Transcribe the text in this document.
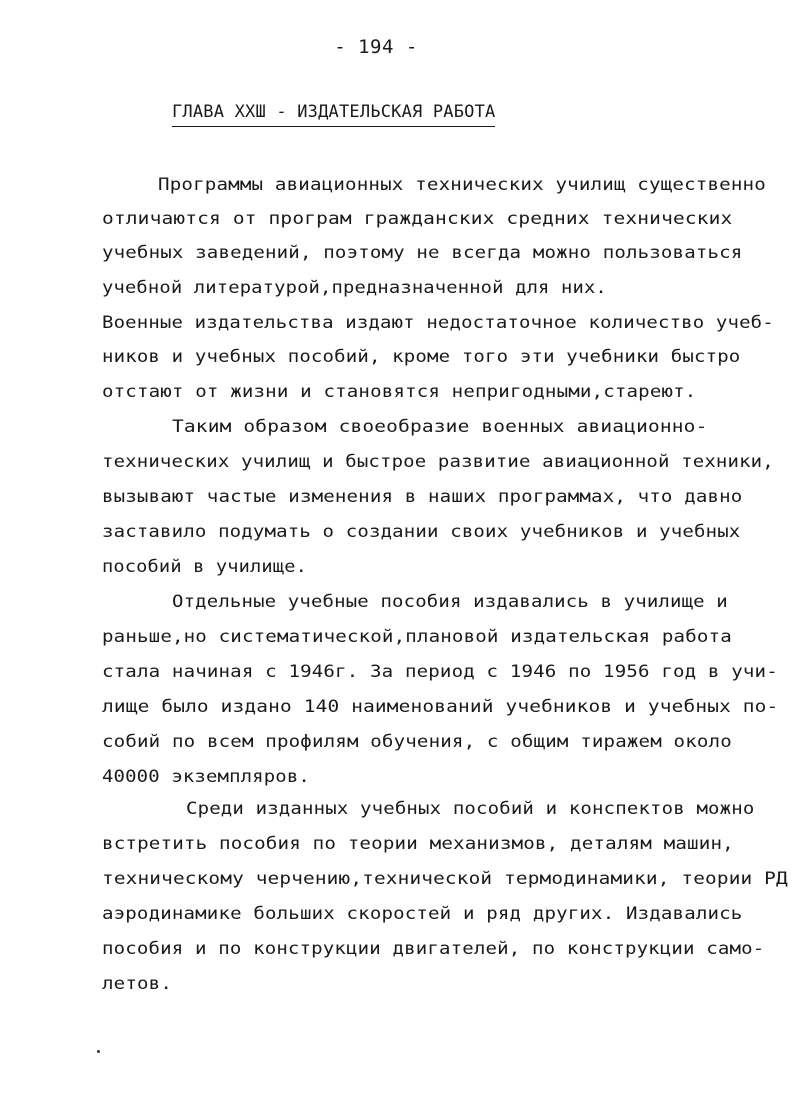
- 194 -
ГЛАВА XXШ - ИЗДАТЕЛЬСКАЯ РАБОТА
Программы авиационных технических училищ существенно
отличаются от програм гражданских средних технических
учебных заведений, поэтому не всегда можно пользоваться
учебной литературой,предназначенной для них.
Военные издательства издают недостаточное количество учеб-
ников и учебных пособий, кроме того эти учебники быстро
отстают от жизни и становятся непригодными,стареют.
Таким образом своеобразие военных авиационно-
технических училищ и быстрое развитие авиационной техники,
вызывают частые изменения в наших программах, что давно
заставило подумать о создании своих учебников и учебных
пособий в училище.
Отдельные учебные пособия издавались в училище и
раньше,но систематической,плановой издательская работа
стала начиная с 1946г. За период с 1946 по 1956 год в учи-
лище было издано 140 наименований учебников и учебных по-
собий по всем профилям обучения, с общим тиражем около
40000 экземпляров.
Среди изданных учебных пособий и конспектов можно
встретить пособия по теории механизмов, деталям машин,
техническому черчению,технической термодинамики, теории РД
аэродинамике больших скоростей и ряд других. Издавались
пособия и по конструкции двигателей, по конструкции само-
летов.
